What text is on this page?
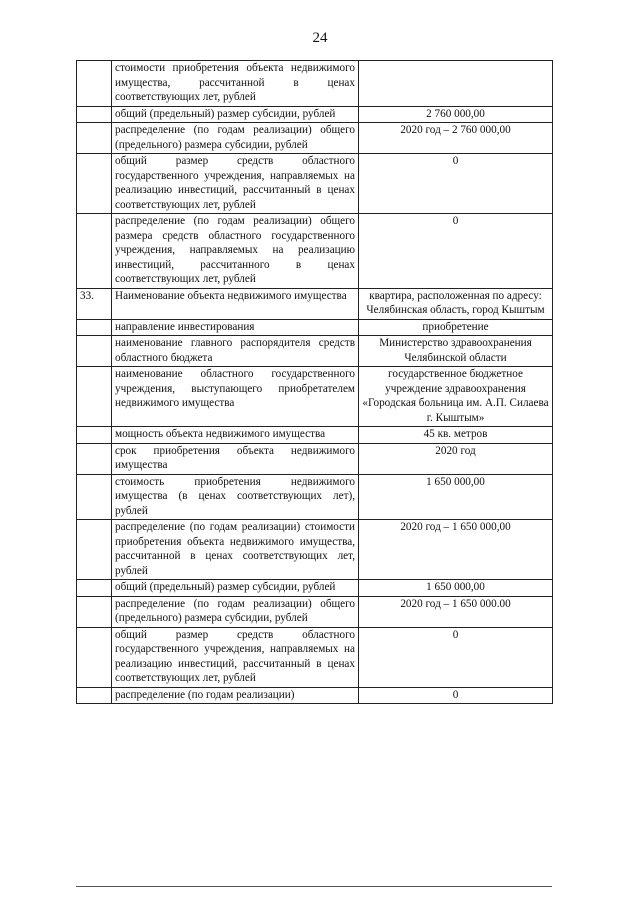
24
	стоимости приобретения объекта недвижимого имущества, рассчитанной в ценах соответствующих лет, рублей	
	общий (предельный) размер субсидии, рублей	2 760 000,00
	распределение (по годам реализации) общего (предельного) размера субсидии, рублей	2020 год – 2 760 000,00
	общий размер средств областного государственного учреждения, направляемых на реализацию инвестиций, рассчитанный в ценах соответствующих лет, рублей	0
	распределение (по годам реализации) общего размера средств областного государственного учреждения, направляемых на реализацию инвестиций, рассчитанного в ценах соответствующих лет, рублей	0
33.	Наименование объекта недвижимого имущества	квартира, расположенная по адресу: Челябинская область, город Кыштым
	направление инвестирования	приобретение
	наименование главного распорядителя средств областного бюджета	Министерство здравоохранения Челябинской области
	наименование областного государственного учреждения, выступающего приобретателем недвижимого имущества	государственное бюджетное учреждение здравоохранения «Городская больница им. А.П. Силаева г. Кыштым»
	мощность объекта недвижимого имущества	45 кв. метров
	срок приобретения объекта недвижимого имущества	2020 год
	стоимость приобретения недвижимого имущества (в ценах соответствующих лет), рублей	1 650 000,00
	распределение (по годам реализации) стоимости приобретения объекта недвижимого имущества, рассчитанной в ценах соответствующих лет, рублей	2020 год – 1 650 000,00
	общий (предельный) размер субсидии, рублей	1 650 000,00
	распределение (по годам реализации) общего (предельного) размера субсидии, рублей	2020 год – 1 650 000.00
	общий размер средств областного государственного учреждения, направляемых на реализацию инвестиций, рассчитанный в ценах соответствующих лет, рублей	0
	распределение (по годам реализации)	0
